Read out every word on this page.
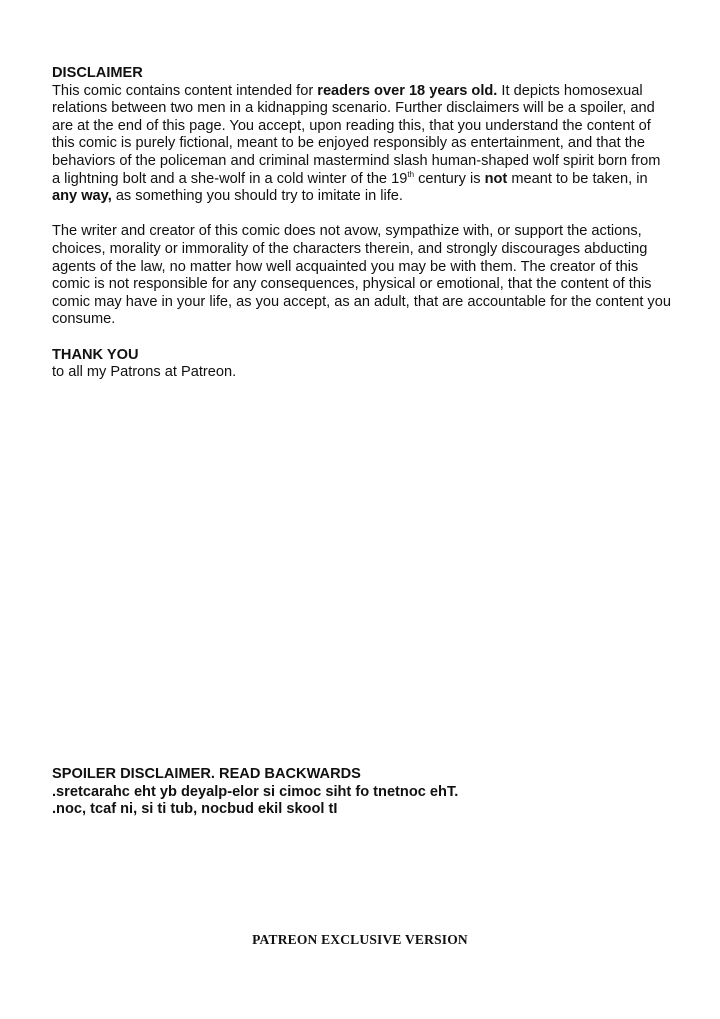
DISCLAIMER

This comic contains content intended for readers over 18 years old. It depicts homosexual relations between two men in a kidnapping scenario. Further disclaimers will be a spoiler, and are at the end of this page. You accept, upon reading this, that you understand the content of this comic is purely fictional, meant to be enjoyed responsibly as entertainment, and that the behaviors of the policeman and criminal mastermind slash human-shaped wolf spirit born from a lightning bolt and a she-wolf in a cold winter of the 19th century is not meant to be taken, in any way, as something you should try to imitate in life.

The writer and creator of this comic does not avow, sympathize with, or support the actions, choices, morality or immorality of the characters therein, and strongly discourages abducting agents of the law, no matter how well acquainted you may be with them. The creator of this comic is not responsible for any consequences, physical or emotional, that the content of this comic may have in your life, as you accept, as an adult, that are accountable for the content you consume.

THANK YOU

to all my Patrons at Patreon.

SPOILER DISCLAIMER. READ BACKWARDS

.sretcarahc eht yb deyalp-elor si cimoc siht fo tnetnoc ehT.

.noc, tcaf ni, si ti tub, nocbud ekil skool tI

PATREON EXCLUSIVE VERSION
